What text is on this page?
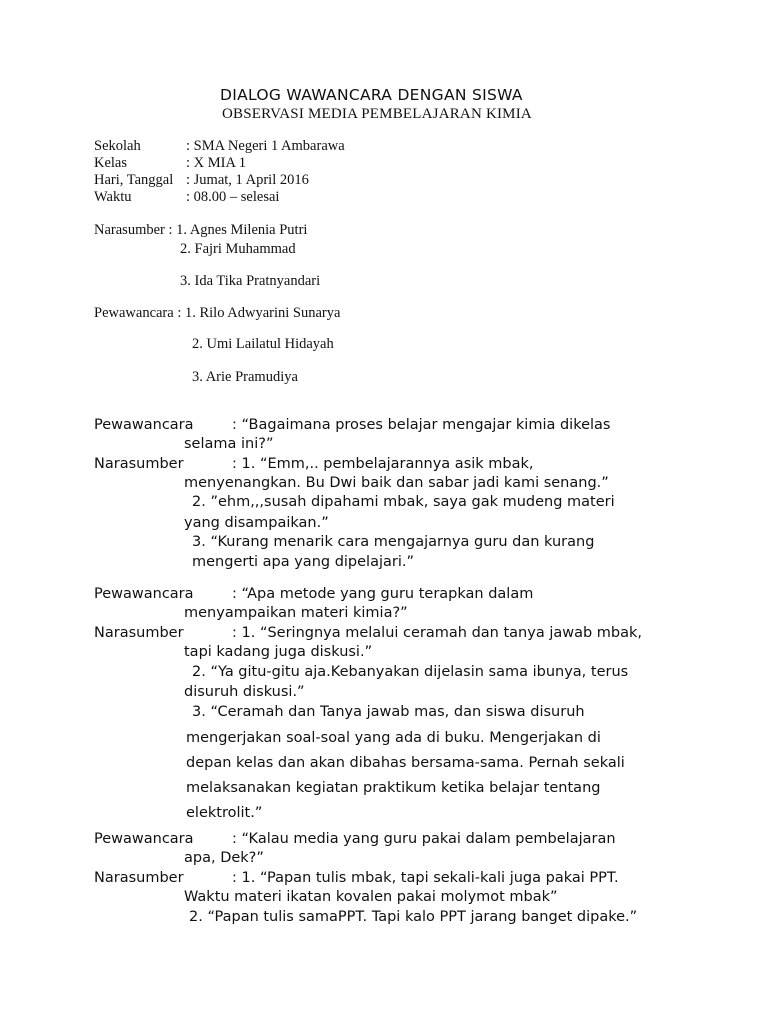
DIALOG WAWANCARA DENGAN SISWA
OBSERVASI MEDIA PEMBELAJARAN KIMIA
Sekolah	: SMA Negeri 1 Ambarawa
Kelas	: X MIA 1
Hari, Tanggal : Jumat, 1 April 2016
Waktu	: 08.00 – selesai
Narasumber : 1. Agnes Milenia Putri
2. Fajri Muhammad
3. Ida Tika Pratnyandari
Pewawancara : 1. Rilo Adwyarini Sunarya
2. Umi Lailatul Hidayah
3. Arie Pramudiya
Pewawancara	: “Bagaimana proses belajar mengajar kimia dikelas
selama ini?”
Narasumber	: 1. “Emm,.. pembelajarannya asik mbak,
menyenangkan. Bu Dwi baik dan sabar jadi kami senang.”
2. ”ehm,,,susah dipahami mbak, saya gak mudeng materi
yang disampaikan.”
3. “Kurang menarik cara mengajarnya guru dan kurang
mengerti apa yang dipelajari.”
Pewawancara	: “Apa metode yang guru terapkan dalam
menyampaikan materi kimia?”
Narasumber	: 1. “Seringnya melalui ceramah dan tanya jawab mbak,
tapi kadang juga diskusi.”
2. “Ya gitu-gitu aja.Kebanyakan dijelasin sama ibunya, terus
disuruh diskusi.”
3. “Ceramah dan Tanya jawab mas, dan siswa disuruh
mengerjakan soal-soal yang ada di buku. Mengerjakan di
depan kelas dan akan dibahas bersama-sama. Pernah sekali
melaksanakan kegiatan praktikum ketika belajar tentang
elektrolit.”
Pewawancara	: “Kalau media yang guru pakai dalam pembelajaran
apa, Dek?”
Narasumber	: 1. “Papan tulis mbak, tapi sekali-kali juga pakai PPT.
Waktu materi ikatan kovalen pakai molymot mbak”
2. “Papan tulis samaPPT. Tapi kalo PPT jarang banget dipake.”
